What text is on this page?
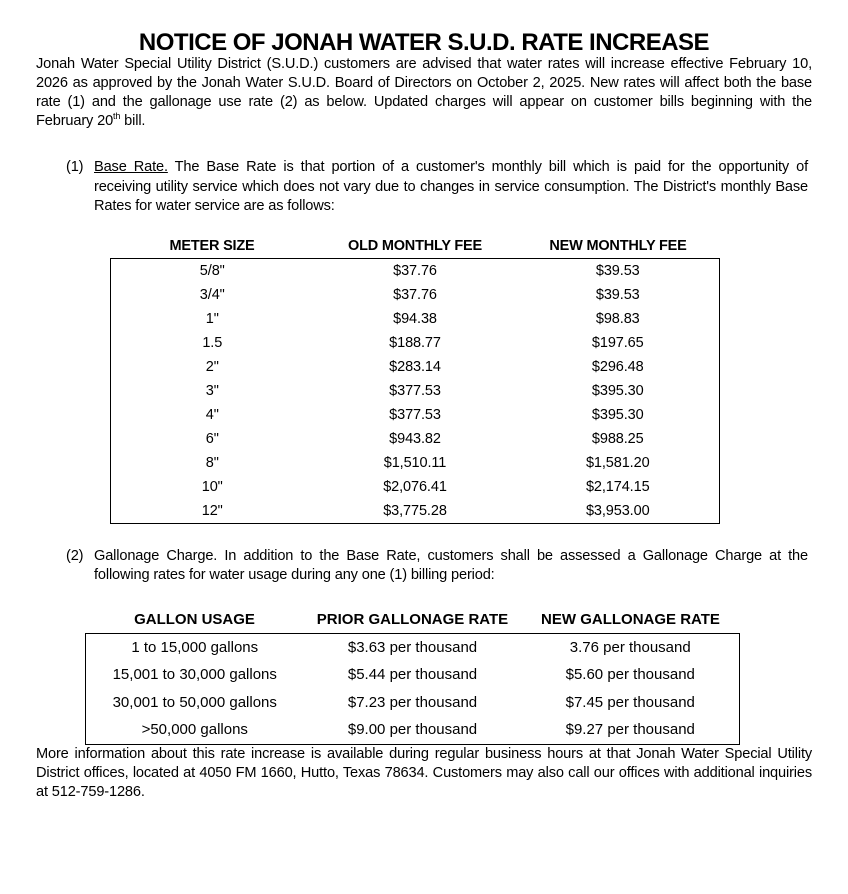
NOTICE OF JONAH WATER S.U.D. RATE INCREASE

Jonah Water Special Utility District (S.U.D.) customers are advised that water rates will increase effective February 10, 2026 as approved by the Jonah Water S.U.D. Board of Directors on October 2, 2025. New rates will affect both the base rate (1) and the gallonage use rate (2) as below. Updated charges will appear on customer bills beginning with the February 20th bill.

(1) Base Rate. The Base Rate is that portion of a customer's monthly bill which is paid for the opportunity of receiving utility service which does not vary due to changes in service consumption. The District's monthly Base Rates for water service are as follows:

METER SIZE	OLD MONTHLY FEE	NEW MONTHLY FEE
5/8"	$37.76	$39.53
3/4"	$37.76	$39.53
1"	$94.38	$98.83
1.5	$188.77	$197.65
2"	$283.14	$296.48
3"	$377.53	$395.30
4"	$377.53	$395.30
6"	$943.82	$988.25
8"	$1,510.11	$1,581.20
10"	$2,076.41	$2,174.15
12"	$3,775.28	$3,953.00
(2) Gallonage Charge. In addition to the Base Rate, customers shall be assessed a Gallonage Charge at the following rates for water usage during any one (1) billing period:

GALLON USAGE	PRIOR GALLONAGE RATE	NEW GALLONAGE RATE
1 to 15,000 gallons	$3.63 per thousand	3.76 per thousand
15,001 to 30,000 gallons	$5.44 per thousand	$5.60 per thousand
30,001 to 50,000 gallons	$7.23 per thousand	$7.45 per thousand
>50,000 gallons	$9.00 per thousand	$9.27 per thousand

More information about this rate increase is available during regular business hours at that Jonah Water Special Utility District offices, located at 4050 FM 1660, Hutto, Texas 78634. Customers may also call our offices with additional inquiries at 512-759-1286.
